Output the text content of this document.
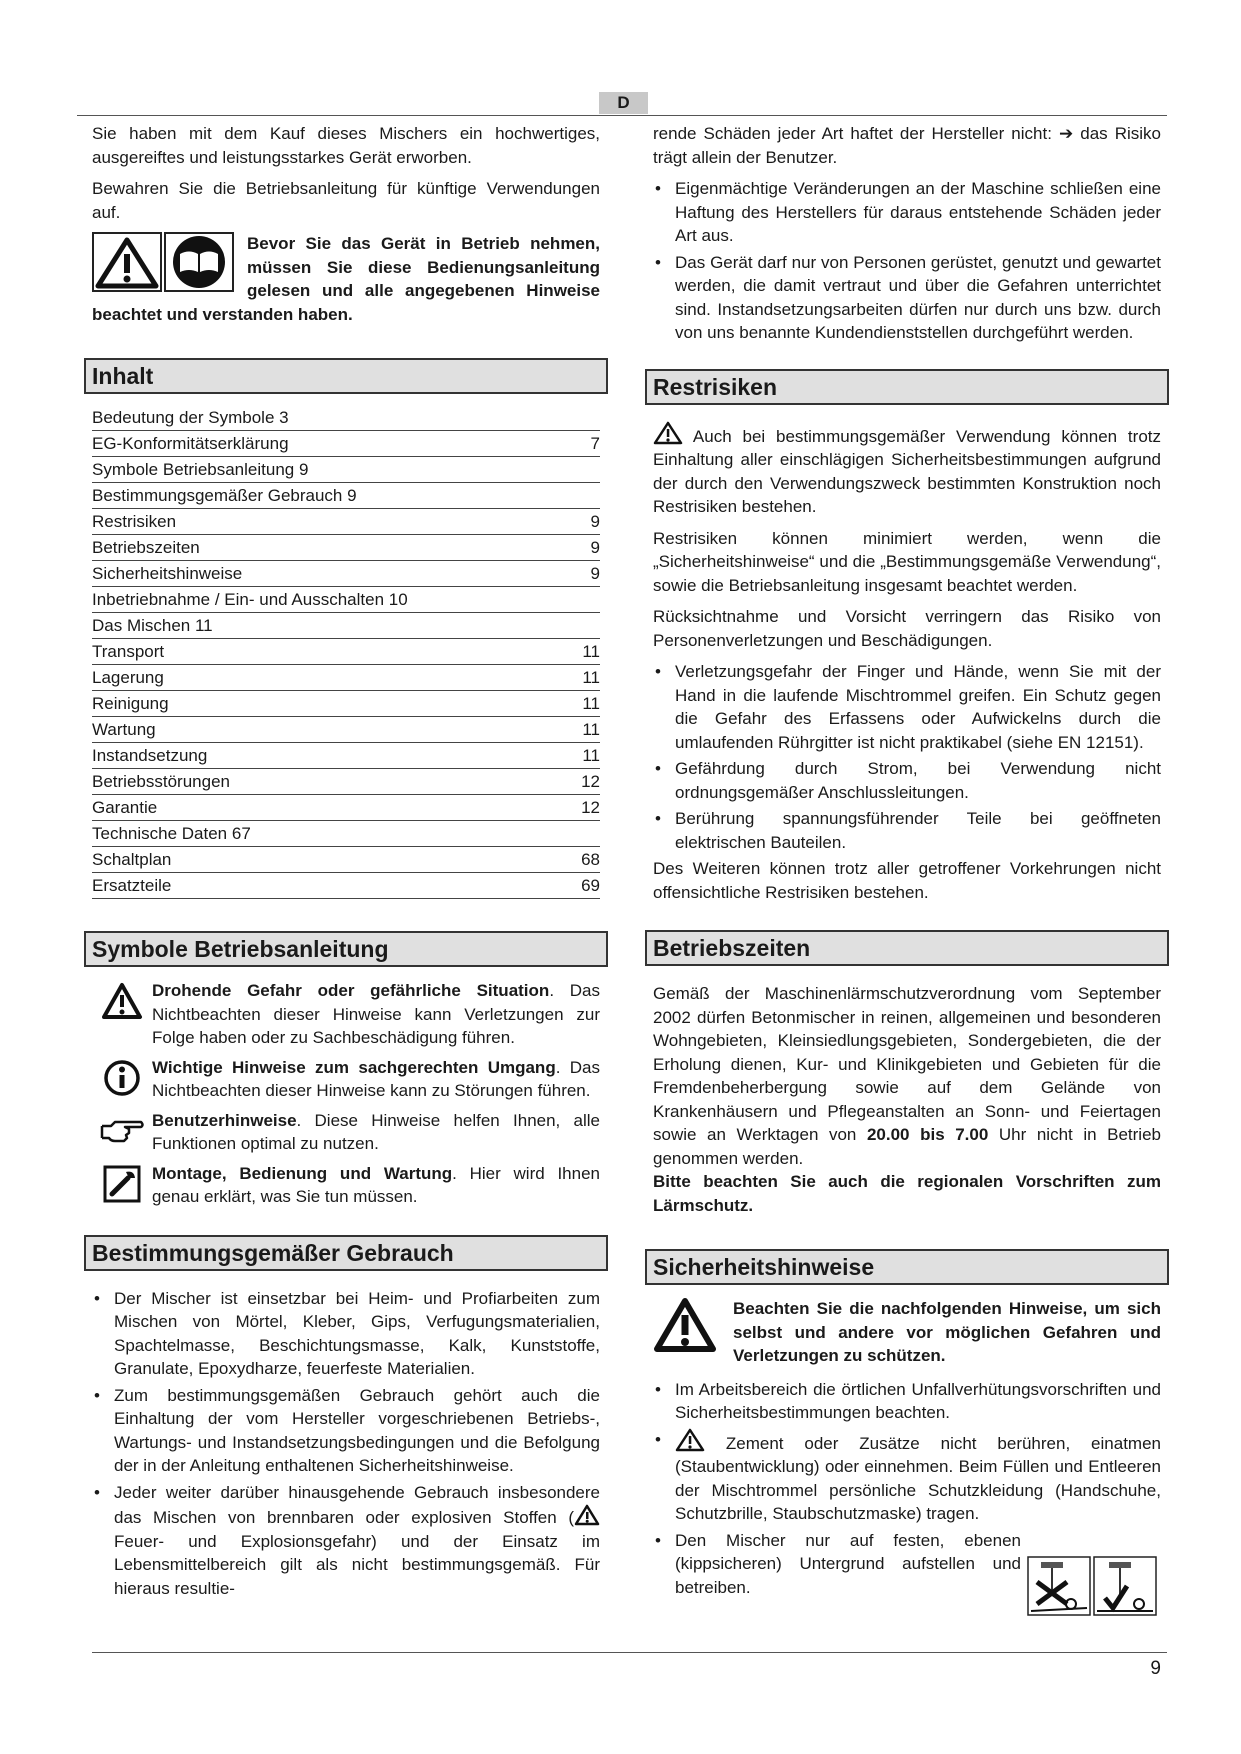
D

Sie haben mit dem Kauf dieses Mischers ein hochwertiges, ausgereiftes und leistungsstarkes Gerät erworben.

Bewahren Sie die Betriebsanleitung für künftige Verwendungen auf.

Bevor Sie das Gerät in Betrieb nehmen, müssen Sie diese Bedienungsanleitung gelesen und alle angegebenen Hinweise beachtet und verstanden haben.

Inhalt
Bedeutung der Symbole 3
EG-Konformitätserklärung	7
Symbole Betriebsanleitung 9
Bestimmungsgemäßer Gebrauch 9
Restrisiken	9
Betriebszeiten	9
Sicherheitshinweise	9
Inbetriebnahme / Ein- und Ausschalten 10
Das Mischen 11
Transport	11
Lagerung	11
Reinigung	11
Wartung	11
Instandsetzung	11
Betriebsstörungen	12
Garantie	12
Technische Daten 67
Schaltplan	68
Ersatzteile	69
Symbole Betriebsanleitung

Drohende Gefahr oder gefährliche Situation. Das Nichtbeachten dieser Hinweise kann Verletzungen zur Folge haben oder zu Sachbeschädigung führen.

Wichtige Hinweise zum sachgerechten Umgang. Das Nichtbeachten dieser Hinweise kann zu Störungen führen.

Benutzerhinweise. Diese Hinweise helfen Ihnen, alle Funktionen optimal zu nutzen.

Montage, Bedienung und Wartung. Hier wird Ihnen genau erklärt, was Sie tun müssen.

Bestimmungsgemäßer Gebrauch
• Der Mischer ist einsetzbar bei Heim- und Profiarbeiten zum Mischen von Mörtel, Kleber, Gips, Verfugungsmaterialien, Spachtelmasse, Beschichtungsmasse, Kalk, Kunststoffe, Granulate, Epoxydharze, feuerfeste Materialien.
• Zum bestimmungsgemäßen Gebrauch gehört auch die Einhaltung der vom Hersteller vorgeschriebenen Betriebs-, Wartungs- und Instandsetzungsbedingungen und die Befolgung der in der Anleitung enthaltenen Sicherheitshinweise.
• Jeder weiter darüber hinausgehende Gebrauch insbesondere das Mischen von brennbaren oder explosiven Stoffen ( Feuer- und Explosionsgefahr) und der Einsatz im Lebensmittelbereich gilt als nicht bestimmungsgemäß. Für hieraus resultie-

rende Schäden jeder Art haftet der Hersteller nicht: ➔ das Risiko trägt allein der Benutzer.

• Eigenmächtige Veränderungen an der Maschine schließen eine Haftung des Herstellers für daraus entstehende Schäden jeder Art aus.
• Das Gerät darf nur von Personen gerüstet, genutzt und gewartet werden, die damit vertraut und über die Gefahren unterrichtet sind. Instandsetzungsarbeiten dürfen nur durch uns bzw. durch von uns benannte Kundendienststellen durchgeführt werden.
Restrisiken

Auch bei bestimmungsgemäßer Verwendung können trotz Einhaltung aller einschlägigen Sicherheitsbestimmungen aufgrund der durch den Verwendungszweck bestimmten Konstruktion noch Restrisiken bestehen.

Restrisiken können minimiert werden, wenn die „Sicherheitshinweise“ und die „Bestimmungsgemäße Verwendung“, sowie die Betriebsanleitung insgesamt beachtet werden.

Rücksichtnahme und Vorsicht verringern das Risiko von Personenverletzungen und Beschädigungen.

• Verletzungsgefahr der Finger und Hände, wenn Sie mit der Hand in die laufende Mischtrommel greifen. Ein Schutz gegen die Gefahr des Erfassens oder Aufwickelns durch die umlaufenden Rührgitter ist nicht praktikabel (siehe EN 12151).
• Gefährdung durch Strom, bei Verwendung nicht ordnungsgemäßer Anschlussleitungen.
• Berührung spannungsführender Teile bei geöffneten elektrischen Bauteilen.

Des Weiteren können trotz aller getroffener Vorkehrungen nicht offensichtliche Restrisiken bestehen.

Betriebszeiten

Gemäß der Maschinenlärmschutzverordnung vom September 2002 dürfen Betonmischer in reinen, allgemeinen und besonderen Wohngebieten, Kleinsiedlungsgebieten, Sondergebieten, die der Erholung dienen, Kur- und Klinikgebieten und Gebieten für die Fremdenbeherbergung sowie auf dem Gelände von Krankenhäusern und Pflegeanstalten an Sonn- und Feiertagen sowie an Werktagen von 20.00 bis 7.00 Uhr nicht in Betrieb genommen werden.

Bitte beachten Sie auch die regionalen Vorschriften zum Lärmschutz.

Sicherheitshinweise

Beachten Sie die nachfolgenden Hinweise, um sich selbst und andere vor möglichen Gefahren und Verletzungen zu schützen.

• Im Arbeitsbereich die örtlichen Unfallverhütungsvorschriften und Sicherheitsbestimmungen beachten.
• Zement oder Zusätze nicht berühren, einatmen (Staubentwicklung) oder einnehmen. Beim Füllen und Entleeren der Mischtrommel persönliche Schutzkleidung (Handschuhe, Schutzbrille, Staubschutzmaske) tragen.
• Den Mischer nur auf festen, ebenen (kippsicheren) Untergrund aufstellen und betreiben.
9
